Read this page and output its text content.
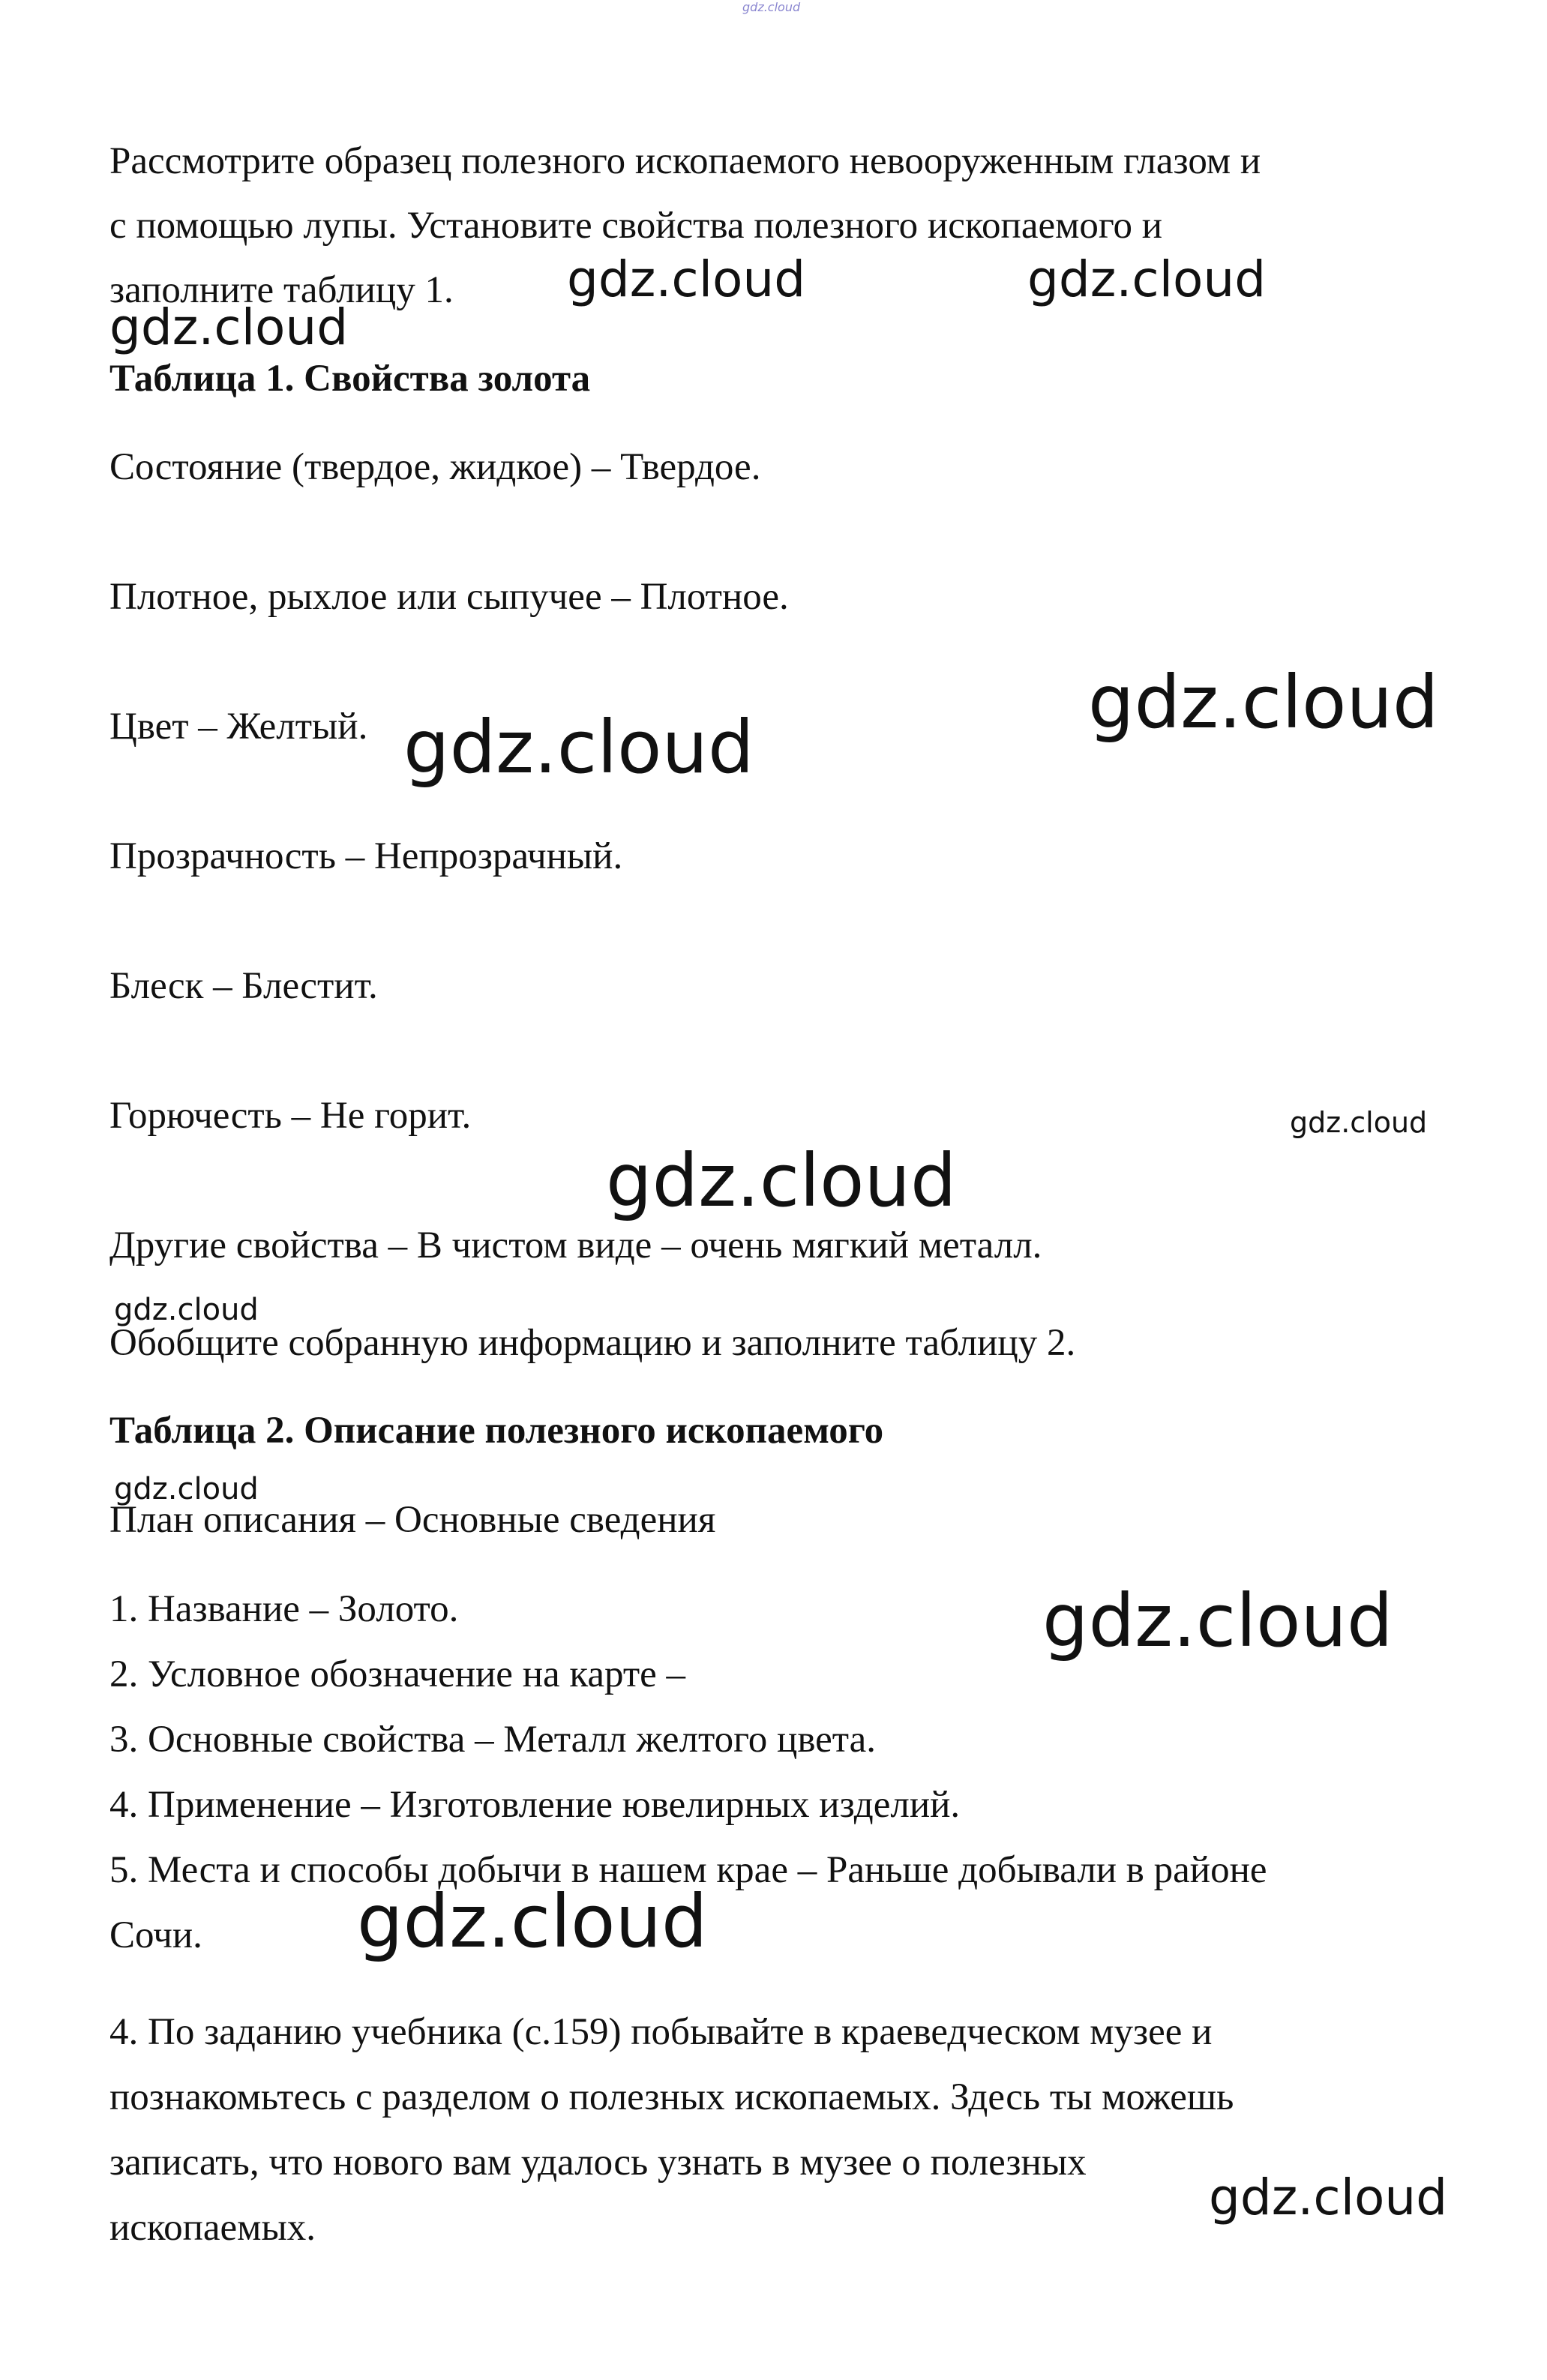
gdz.cloud

Рассмотрите образец полезного ископаемого невооруженным глазом и

с помощью лупы. Установите свойства полезного ископаемого и

заполните таблицу 1.

Таблица 1. Свойства золота

Состояние (твердое, жидкое) – Твердое.

Плотное, рыхлое или сыпучее – Плотное.

Цвет – Желтый.

Прозрачность – Непрозрачный.

Блеск – Блестит.

Горючесть – Не горит.

Другие свойства – В чистом виде – очень мягкий металл.

Обобщите собранную информацию и заполните таблицу 2.

Таблица 2. Описание полезного ископаемого

План описания – Основные сведения

1. Название – Золото.

2. Условное обозначение на карте –

3. Основные свойства – Металл желтого цвета.

4. Применение – Изготовление ювелирных изделий.

5. Места и способы добычи в нашем крае – Раньше добывали в районе

Сочи.

4. По заданию учебника (с.159) побывайте в краеведческом музее и

познакомьтесь с разделом о полезных ископаемых. Здесь ты можешь

записать, что нового вам удалось узнать в музее о полезных

ископаемых.

gdz.cloud	gdz.cloud
gdz.cloud
gdz.cloud
gdz.cloud
gdz.cloud
gdz.cloud
gdz.cloud
gdz.cloud
gdz.cloud
gdz.cloud
gdz.cloud
